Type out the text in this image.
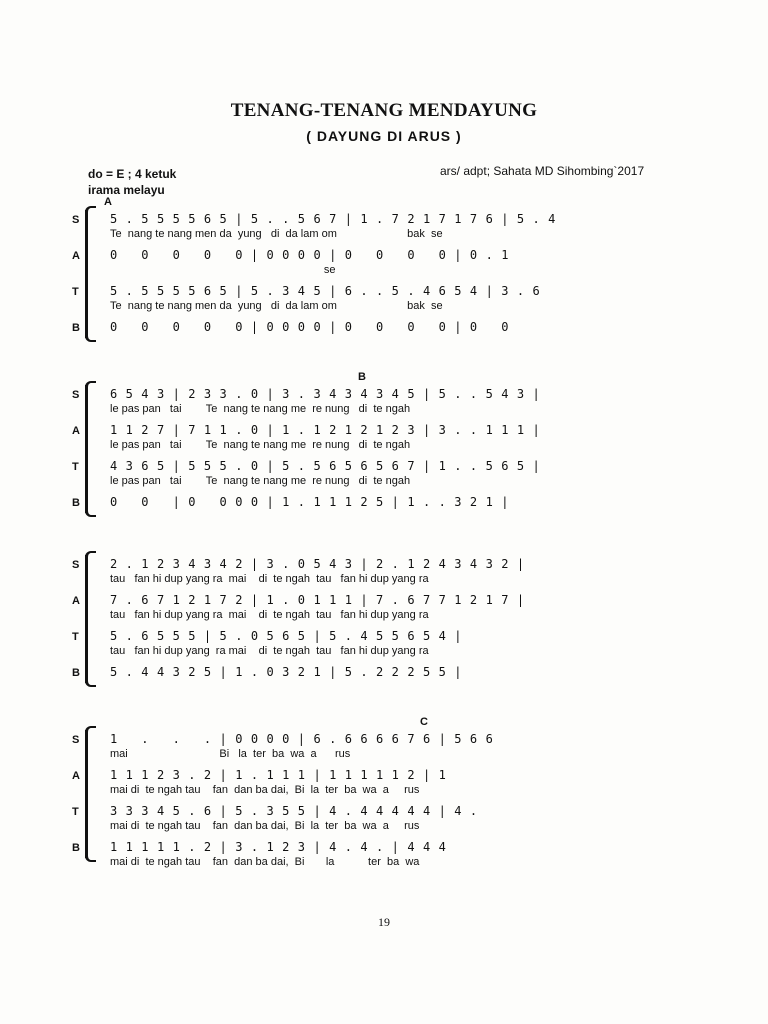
TENANG-TENANG MENDAYUNG
( DAYUNG DI ARUS )
do = E ; 4 ketuk
irama melayu
ars/ adpt; Sahata MD Sihombing`2017
A
S	5 . 5 5 5 5 6 5 | 5 . . 5 6 7 | 1 . 7 2 1 7 1 7 6 | 5 . 4
Te  nang te nang men da  yung   di  da lam om                       bak  se
A	0   0   0   0   0 | 0 0 0 0 | 0   0   0   0 | 0 . 1
se
T	5 . 5 5 5 5 6 5 | 5 . 3 4 5 | 6 . . 5 . 4 6 5 4 | 3 . 6
Te  nang te nang men da  yung   di  da lam om                       bak  se
B	0   0   0   0   0 | 0 0 0 0 | 0   0   0   0 | 0   0
B
S	6 5 4 3 | 2 3 3 . 0 | 3 . 3 4 3 4 3 4 5 | 5 . . 5 4 3 |
le pas pan   tai        Te  nang te nang me  re nung   di  te ngah
A	1 1 2 7 | 7 1 1 . 0 | 1 . 1 2 1 2 1 2 3 | 3 . . 1 1 1 |
le pas pan   tai        Te  nang te nang me  re nung   di  te ngah
T	4 3 6 5 | 5 5 5 . 0 | 5 . 5 6 5 6 5 6 7 | 1 . . 5 6 5 |
le pas pan   tai        Te  nang te nang me  re nung   di  te ngah
B	0   0   | 0   0 0 0 | 1 . 1 1 1 2 5 | 1 . . 3 2 1 |
S	2 . 1 2 3 4 3 4 2 | 3 . 0 5 4 3 | 2 . 1 2 4 3 4 3 2 |
tau   fan hi dup yang ra  mai    di  te ngah  tau   fan hi dup yang ra
A	7 . 6 7 1 2 1 7 2 | 1 . 0 1 1 1 | 7 . 6 7 7 1 2 1 7 |
tau   fan hi dup yang ra  mai    di  te ngah  tau   fan hi dup yang ra
T	5 . 6 5 5 5 | 5 . 0 5 6 5 | 5 . 4 5 5 6 5 4 |
tau   fan hi dup yang  ra mai    di  te ngah  tau   fan hi dup yang ra
B	5 . 4 4 3 2 5 | 1 . 0 3 2 1 | 5 . 2 2 2 5 5 |
C
S	1   .   .   . | 0 0 0 0 | 6 . 6 6 6 6 7 6 | 5 6 6
mai                              Bi   la  ter  ba  wa  a      rus
A	1 1 1 2 3 . 2 | 1 . 1 1 1 | 1 1 1 1 1 2 | 1
mai di  te ngah tau    fan  dan ba dai,  Bi  la  ter  ba  wa  a     rus
T	3 3 3 4 5 . 6 | 5 . 3 5 5 | 4 . 4 4 4 4 4 | 4 .
mai di  te ngah tau    fan  dan ba dai,  Bi  la  ter  ba  wa  a     rus
B	1 1 1 1 1 . 2 | 3 . 1 2 3 | 4 . 4 . | 4 4 4
mai di  te ngah tau    fan  dan ba dai,  Bi       la           ter  ba  wa
19
